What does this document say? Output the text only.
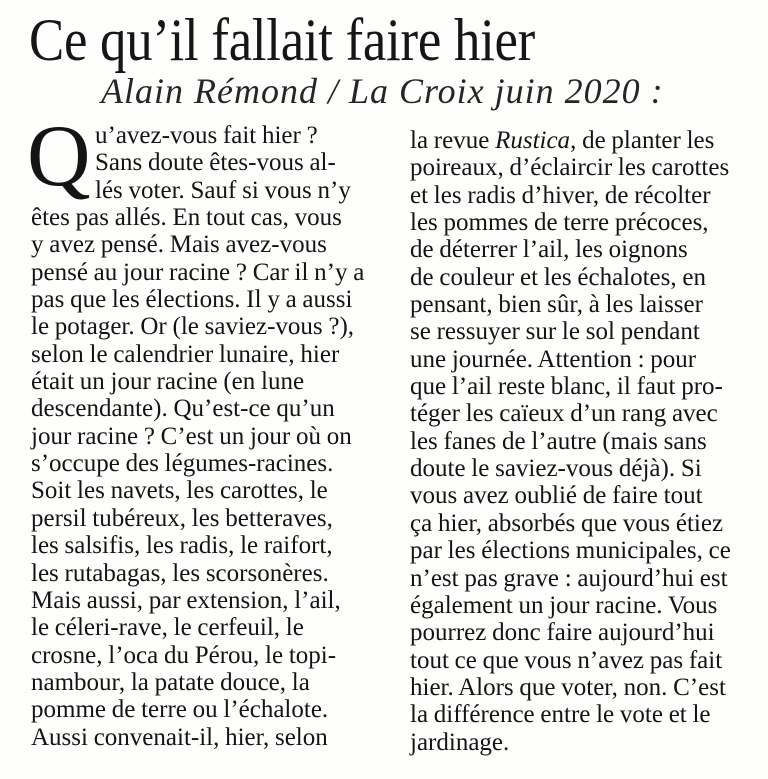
Ce qu’il fallait faire hier
Alain Rémond / La Croix juin 2020 :
Q u’avez-vous fait hier ?
Sans doute êtes-vous al-
lés voter. Sauf si vous n’y
êtes pas allés. En tout cas, vous
y avez pensé. Mais avez-vous
pensé au jour racine ? Car il n’y a
pas que les élections. Il y a aussi
le potager. Or (le saviez-vous ?),
selon le calendrier lunaire, hier
était un jour racine (en lune
descendante). Qu’est-ce qu’un
jour racine ? C’est un jour où on
s’occupe des légumes-racines.
Soit les navets, les carottes, le
persil tubéreux, les betteraves,
les salsifis, les radis, le raifort,
les rutabagas, les scorsonères.
Mais aussi, par extension, l’ail,
le céleri-rave, le cerfeuil, le
crosne, l’oca du Pérou, le topi-
nambour, la patate douce, la
pomme de terre ou l’échalote.
Aussi convenait-il, hier, selon
la revue Rustica, de planter les
poireaux, d’éclaircir les carottes
et les radis d’hiver, de récolter
les pommes de terre précoces,
de déterrer l’ail, les oignons
de couleur et les échalotes, en
pensant, bien sûr, à les laisser
se ressuyer sur le sol pendant
une journée. Attention : pour
que l’ail reste blanc, il faut pro-
téger les caïeux d’un rang avec
les fanes de l’autre (mais sans
doute le saviez-vous déjà). Si
vous avez oublié de faire tout
ça hier, absorbés que vous étiez
par les élections municipales, ce
n’est pas grave : aujourd’hui est
également un jour racine. Vous
pourrez donc faire aujourd’hui
tout ce que vous n’avez pas fait
hier. Alors que voter, non. C’est
la différence entre le vote et le
jardinage.
